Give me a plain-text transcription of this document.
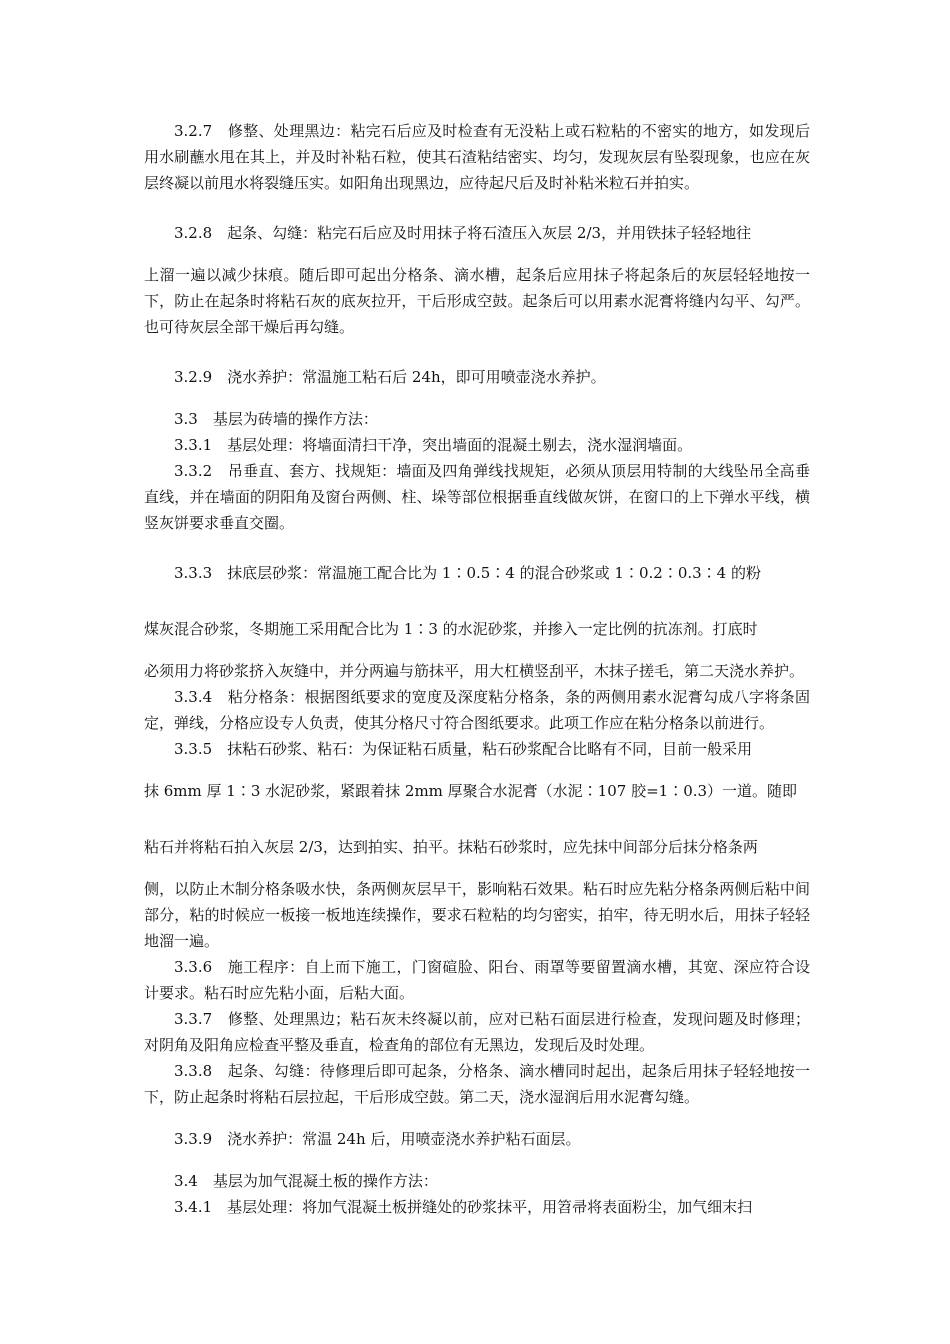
3.2.7　修整、处理黑边：粘完石后应及时检查有无没粘上或石粒粘的不密实的地方，如发现后用水刷蘸水甩在其上，并及时补粘石粒，使其石渣粘结密实、均匀，发现灰层有坠裂现象，也应在灰层终凝以前甩水将裂缝压实。如阳角出现黑边，应待起尺后及时补粘米粒石并拍实。

3.2.8　起条、勾缝：粘完石后应及时用抹子将石渣压入灰层 2/3，并用铁抹子轻轻地往

上溜一遍以减少抹痕。随后即可起出分格条、滴水槽，起条后应用抹子将起条后的灰层轻轻地按一下，防止在起条时将粘石灰的底灰拉开，干后形成空鼓。起条后可以用素水泥膏将缝内勾平、勾严。也可待灰层全部干燥后再勾缝。

3.2.9　浇水养护：常温施工粘石后 24h，即可用喷壶浇水养护。

3.3　基层为砖墙的操作方法：

3.3.1　基层处理：将墙面清扫干净，突出墙面的混凝土剔去，浇水湿润墙面。

3.3.2　吊垂直、套方、找规矩：墙面及四角弹线找规矩，必须从顶层用特制的大线坠吊全高垂直线，并在墙面的阴阳角及窗台两侧、柱、垛等部位根据垂直线做灰饼，在窗口的上下弹水平线，横竖灰饼要求垂直交圈。

3.3.3　抹底层砂浆：常温施工配合比为 1∶0.5∶4 的混合砂浆或 1∶0.2∶0.3∶4 的粉

煤灰混合砂浆，冬期施工采用配合比为 1∶3 的水泥砂浆，并掺入一定比例的抗冻剂。打底时

必须用力将砂浆挤入灰缝中，并分两遍与筋抹平，用大杠横竖刮平，木抹子搓毛，第二天浇水养护。

3.3.4　粘分格条：根据图纸要求的宽度及深度粘分格条，条的两侧用素水泥膏勾成八字将条固定，弹线，分格应设专人负责，使其分格尺寸符合图纸要求。此项工作应在粘分格条以前进行。

3.3.5　抹粘石砂浆、粘石：为保证粘石质量，粘石砂浆配合比略有不同，目前一般采用

抹 6mm 厚 1∶3 水泥砂浆，紧跟着抹 2mm 厚聚合水泥膏（水泥∶107 胶=1∶0.3）一道。随即

粘石并将粘石拍入灰层 2/3，达到拍实、拍平。抹粘石砂浆时，应先抹中间部分后抹分格条两

侧，以防止木制分格条吸水快，条两侧灰层早干，影响粘石效果。粘石时应先粘分格条两侧后粘中间部分，粘的时候应一板接一板地连续操作，要求石粒粘的均匀密实，拍牢，待无明水后，用抹子轻轻地溜一遍。

3.3.6　施工程序：自上而下施工，门窗碹脸、阳台、雨罩等要留置滴水槽，其宽、深应符合设计要求。粘石时应先粘小面，后粘大面。

3.3.7　修整、处理黑边；粘石灰未终凝以前，应对已粘石面层进行检查，发现问题及时修理；对阴角及阳角应检查平整及垂直，检查角的部位有无黑边，发现后及时处理。

3.3.8　起条、勾缝：待修理后即可起条，分格条、滴水槽同时起出，起条后用抹子轻轻地按一下，防止起条时将粘石层拉起，干后形成空鼓。第二天，浇水湿润后用水泥膏勾缝。

3.3.9　浇水养护：常温 24h 后，用喷壶浇水养护粘石面层。

3.4　基层为加气混凝土板的操作方法：

3.4.1　基层处理：将加气混凝土板拼缝处的砂浆抹平，用笤帚将表面粉尘，加气细末扫
